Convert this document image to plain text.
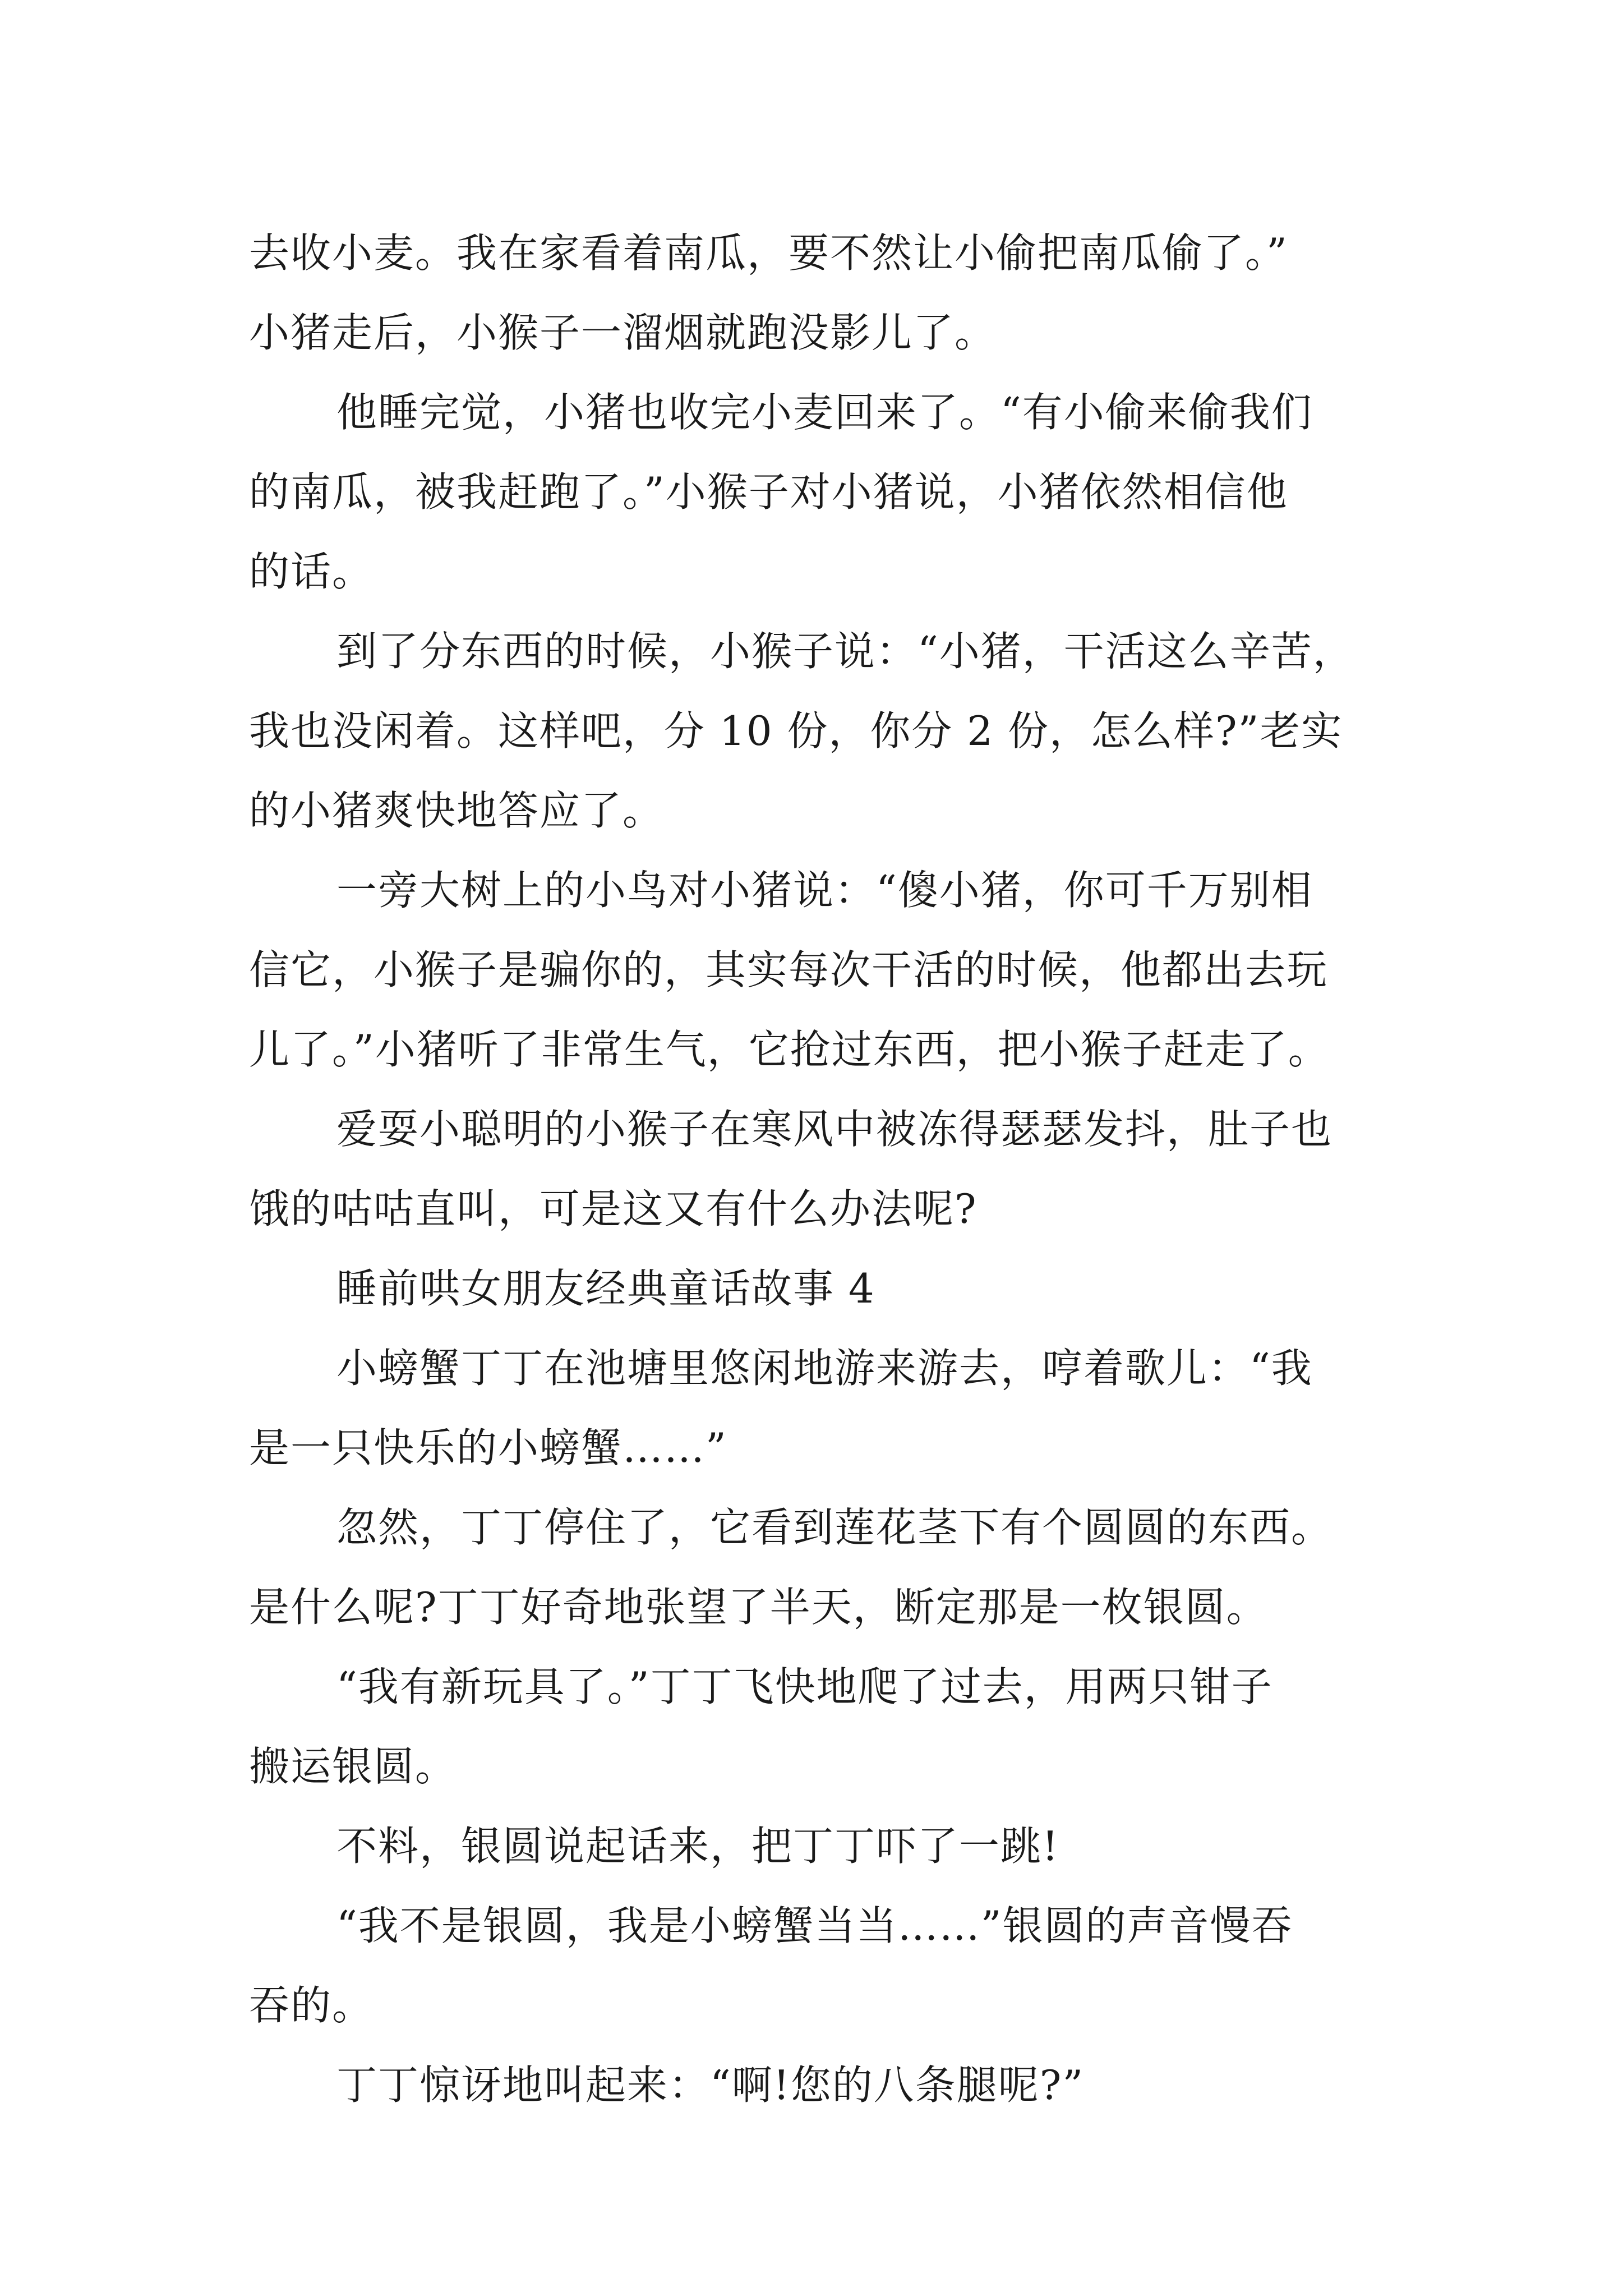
去收小麦。我在家看着南瓜，要不然让小偷把南瓜偷了。”
小猪走后，小猴子一溜烟就跑没影儿了。
他睡完觉，小猪也收完小麦回来了。“有小偷来偷我们
的南瓜，被我赶跑了。”小猴子对小猪说，小猪依然相信他
的话。
到了分东西的时候，小猴子说：“小猪，干活这么辛苦，
我也没闲着。这样吧，分 10 份，你分 2 份，怎么样?”老实
的小猪爽快地答应了。
一旁大树上的小鸟对小猪说：“傻小猪，你可千万别相
信它，小猴子是骗你的，其实每次干活的时候，他都出去玩
儿了。”小猪听了非常生气，它抢过东西，把小猴子赶走了。
爱耍小聪明的小猴子在寒风中被冻得瑟瑟发抖，肚子也
饿的咕咕直叫，可是这又有什么办法呢?
睡前哄女朋友经典童话故事 4
小螃蟹丁丁在池塘里悠闲地游来游去，哼着歌儿：“我
是一只快乐的小螃蟹……”
忽然，丁丁停住了，它看到莲花茎下有个圆圆的东西。
是什么呢?丁丁好奇地张望了半天，断定那是一枚银圆。
“我有新玩具了。”丁丁飞快地爬了过去，用两只钳子
搬运银圆。
不料，银圆说起话来，把丁丁吓了一跳!
“我不是银圆，我是小螃蟹当当……”银圆的声音慢吞
吞的。
丁丁惊讶地叫起来：“啊!您的八条腿呢?”
